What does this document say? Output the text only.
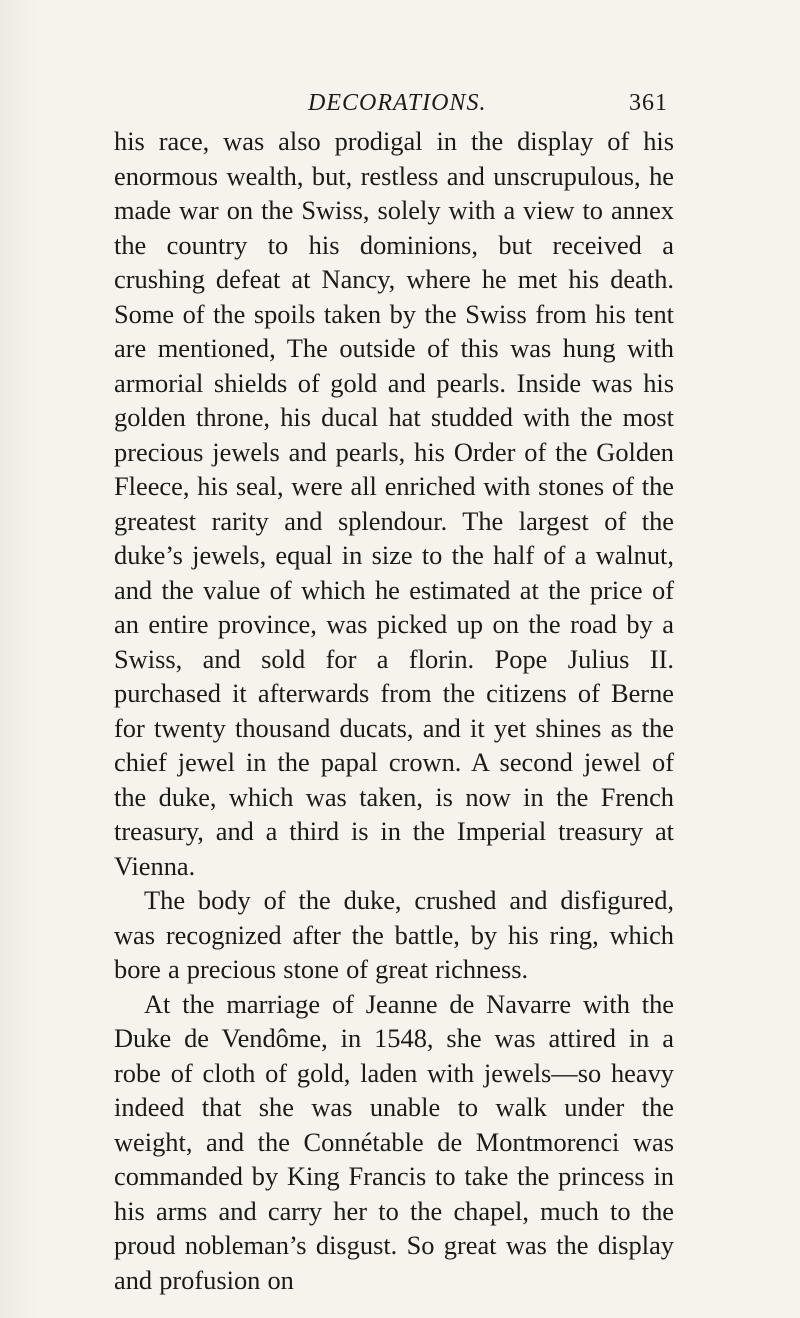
DECORATIONS.	361

his race, was also prodigal in the display of his enormous wealth, but, restless and unscrupulous, he made war on the Swiss, solely with a view to annex the country to his dominions, but received a crushing defeat at Nancy, where he met his death. Some of the spoils taken by the Swiss from his tent are mentioned, The outside of this was hung with armorial shields of gold and pearls. Inside was his golden throne, his ducal hat studded with the most precious jewels and pearls, his Order of the Golden Fleece, his seal, were all enriched with stones of the greatest rarity and splendour. The largest of the duke’s jewels, equal in size to the half of a walnut, and the value of which he estimated at the price of an entire province, was picked up on the road by a Swiss, and sold for a florin. Pope Julius II. purchased it afterwards from the citizens of Berne for twenty thousand ducats, and it yet shines as the chief jewel in the papal crown. A second jewel of the duke, which was taken, is now in the French treasury, and a third is in the Imperial treasury at Vienna.

The body of the duke, crushed and disfigured, was recognized after the battle, by his ring, which bore a precious stone of great richness.

At the marriage of Jeanne de Navarre with the Duke de Vendôme, in 1548, she was attired in a robe of cloth of gold, laden with jewels—so heavy indeed that she was unable to walk under the weight, and the Connétable de Montmorenci was commanded by King Francis to take the princess in his arms and carry her to the chapel, much to the proud nobleman’s disgust. So great was the display and profusion on
